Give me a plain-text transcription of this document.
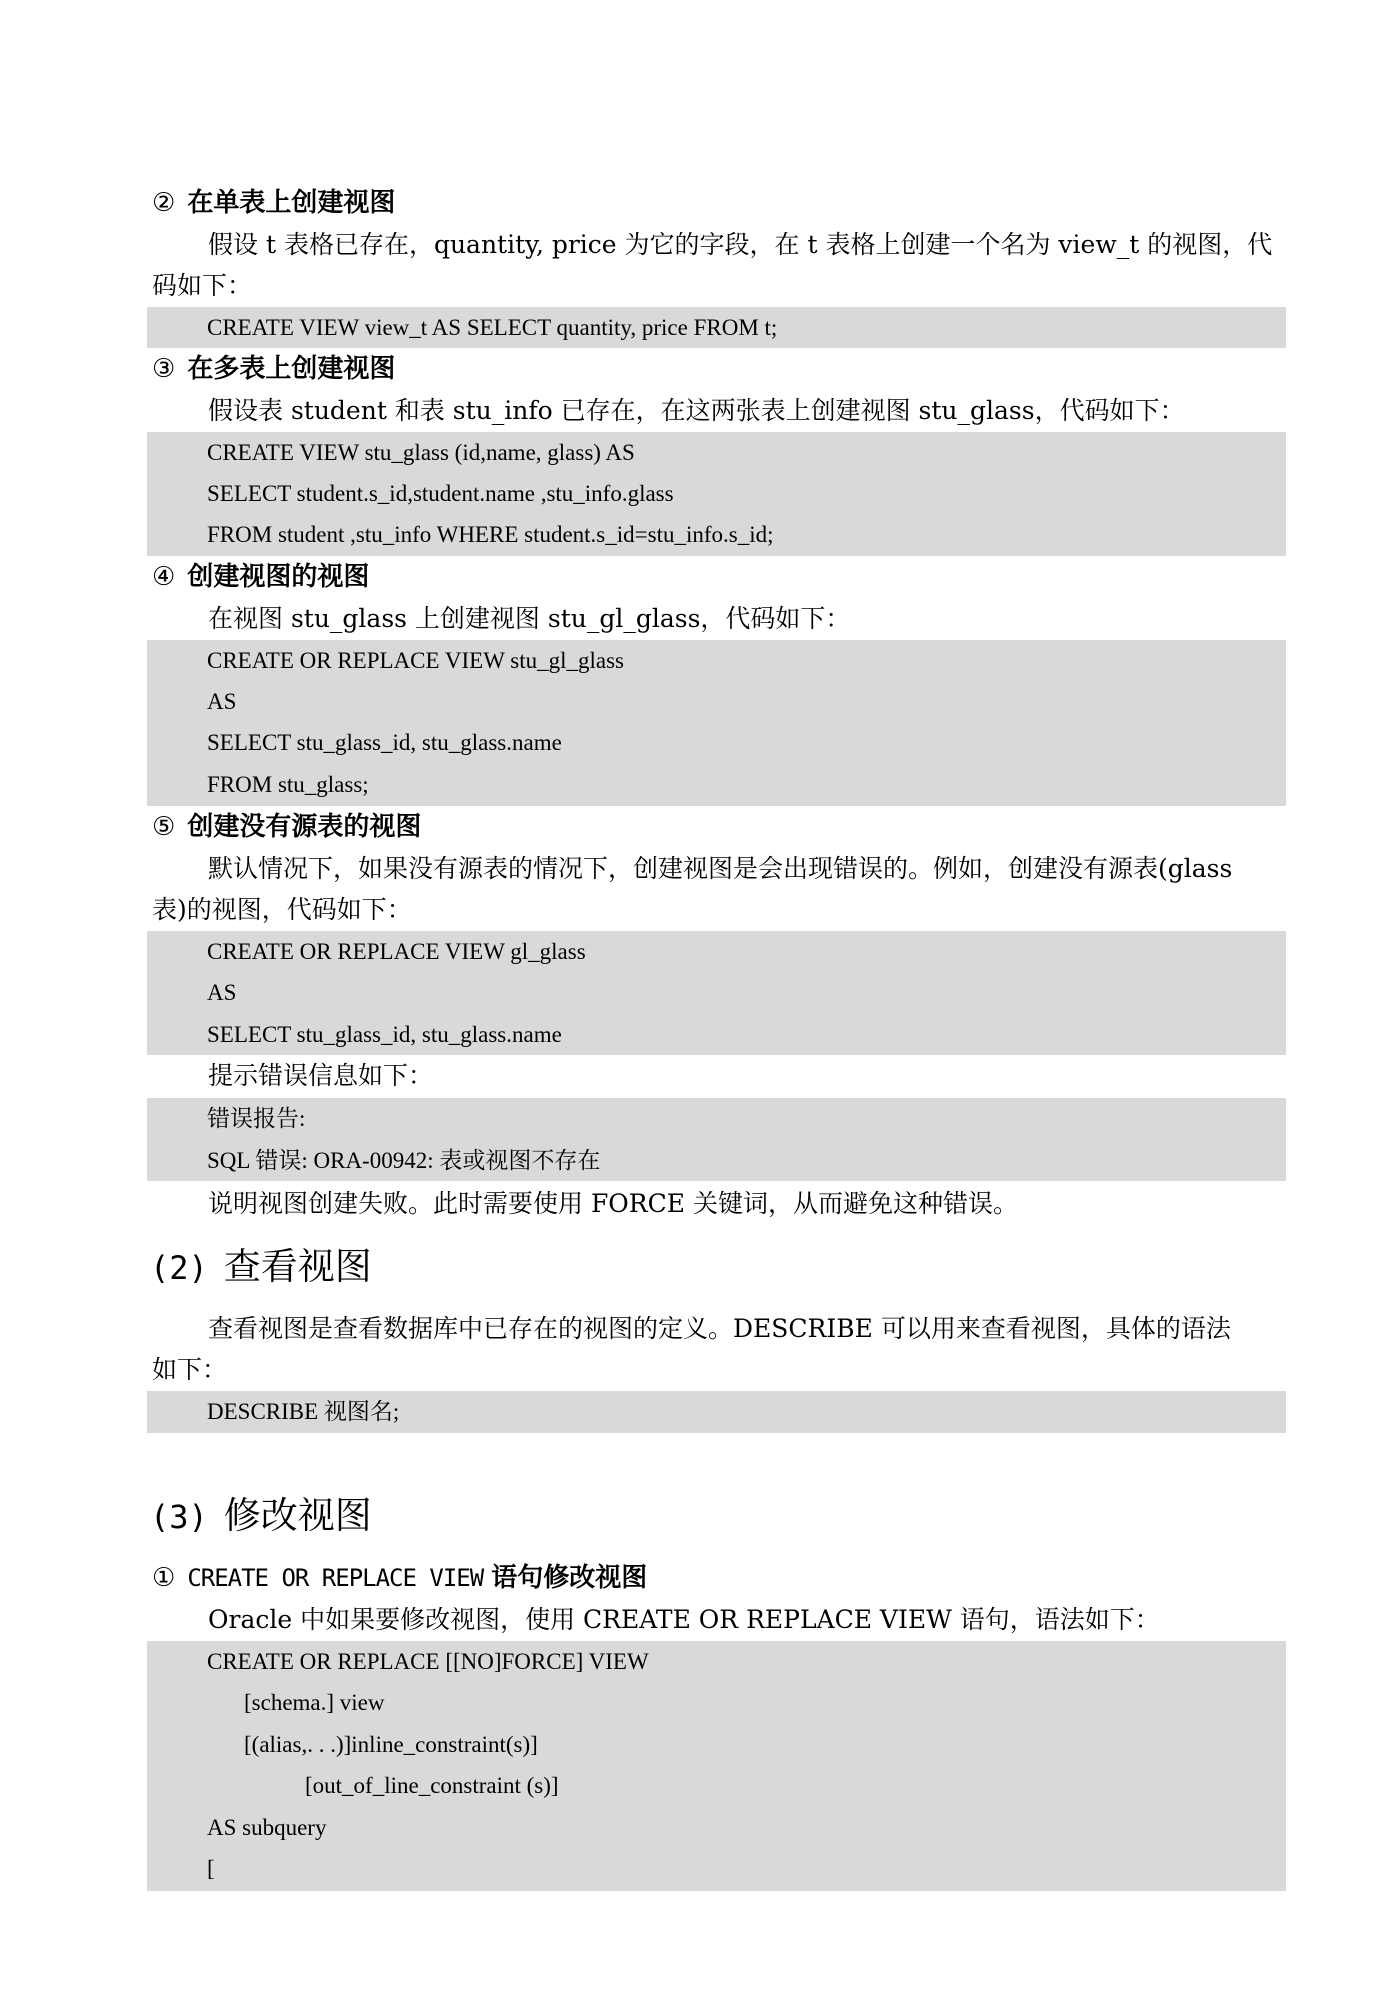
② 在单表上创建视图
假设 t 表格已存在，quantity, price 为它的字段，在 t 表格上创建一个名为 view_t 的视图，代
码如下：
CREATE VIEW view_t AS SELECT quantity, price FROM t;
③ 在多表上创建视图
假设表 student 和表 stu_info 已存在，在这两张表上创建视图 stu_glass，代码如下：
CREATE VIEW stu_glass (id,name, glass) AS
SELECT student.s_id,student.name ,stu_info.glass
FROM student ,stu_info WHERE student.s_id=stu_info.s_id;
④ 创建视图的视图
在视图 stu_glass 上创建视图 stu_gl_glass，代码如下：
CREATE OR REPLACE VIEW stu_gl_glass
AS
SELECT stu_glass_id, stu_glass.name
FROM stu_glass;
⑤ 创建没有源表的视图
默认情况下，如果没有源表的情况下，创建视图是会出现错误的。例如，创建没有源表(glass
表)的视图，代码如下：
CREATE OR REPLACE VIEW gl_glass
AS
SELECT stu_glass_id, stu_glass.name
提示错误信息如下：
错误报告:
SQL 错误: ORA-00942: 表或视图不存在
说明视图创建失败。此时需要使用 FORCE 关键词，从而避免这种错误。
(2) 查看视图
查看视图是查看数据库中已存在的视图的定义。DESCRIBE 可以用来查看视图，具体的语法
如下：
DESCRIBE 视图名;
(3) 修改视图
① CREATE OR REPLACE VIEW 语句修改视图
Oracle 中如果要修改视图，使用 CREATE OR REPLACE VIEW 语句，语法如下：
CREATE OR REPLACE [[NO]FORCE] VIEW
[schema.] view
[(alias,. . .)]inline_constraint(s)]
[out_of_line_constraint (s)]
AS subquery
[
